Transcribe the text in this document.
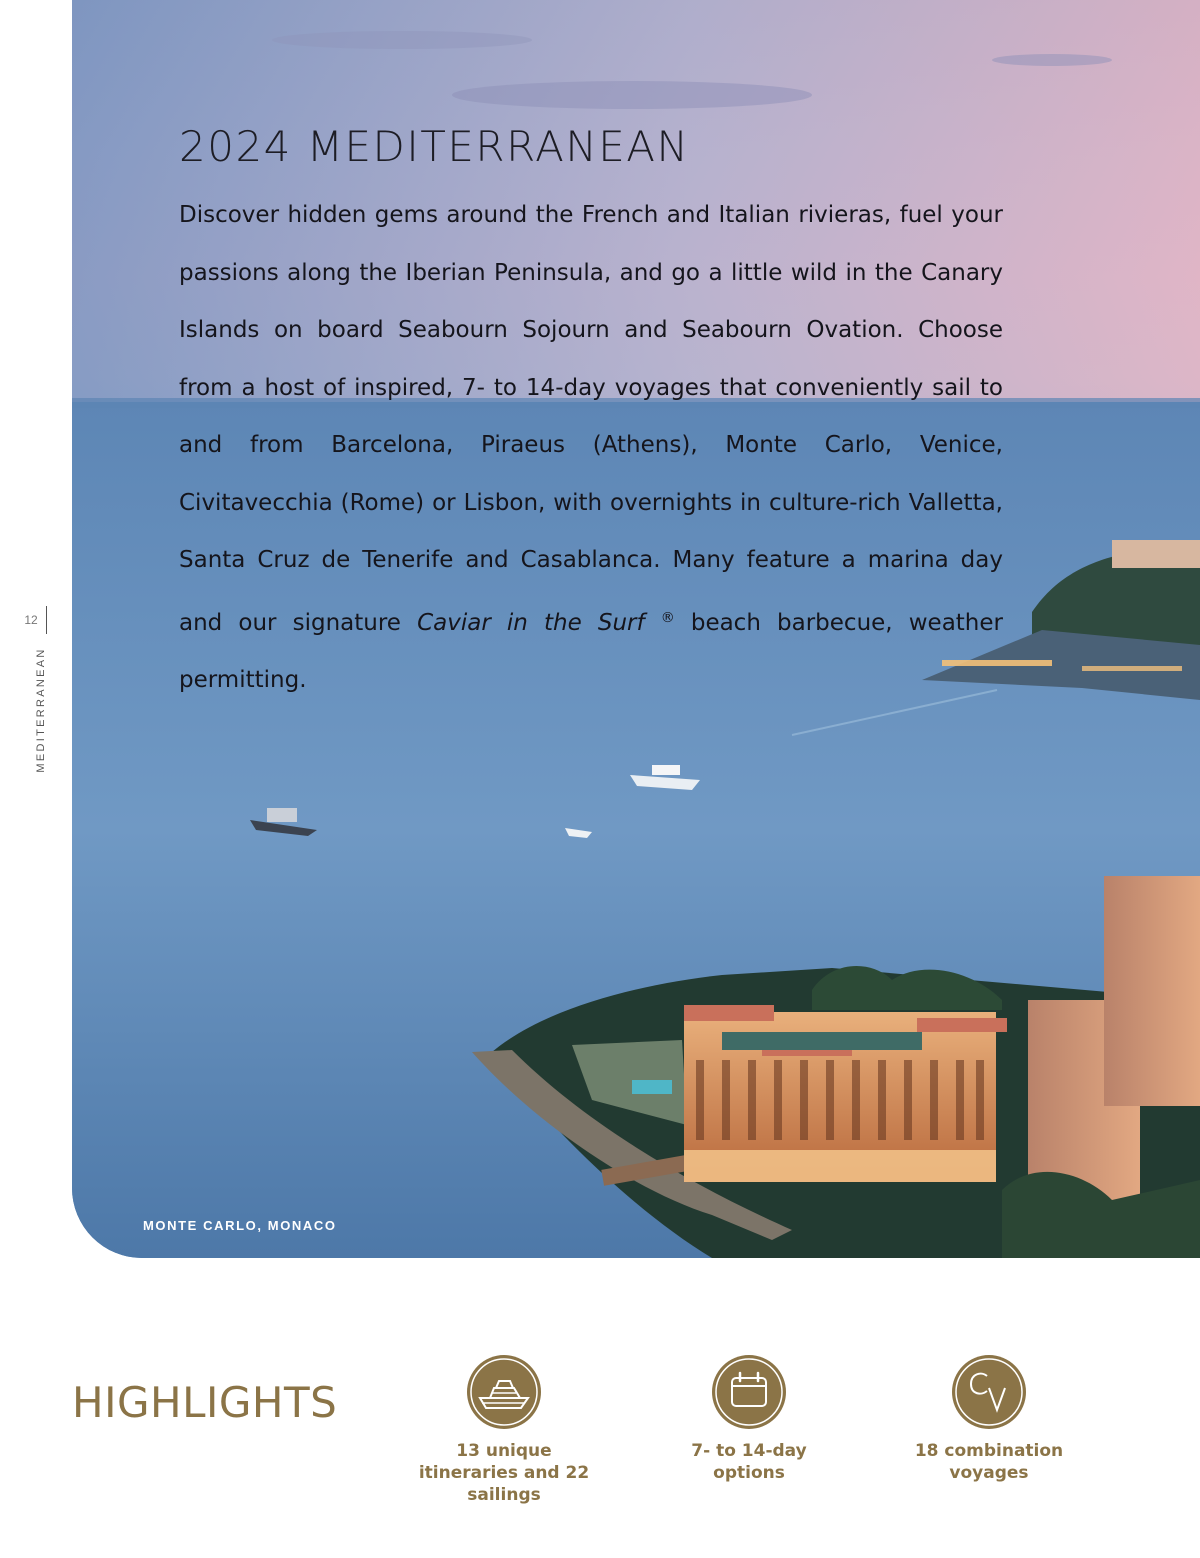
12
MEDITERRANEAN
2024 MEDITERRANEAN

Discover hidden gems around the French and Italian rivieras, fuel your passions along the Iberian Peninsula, and go a little wild in the Canary Islands on board Seabourn Sojourn and Seabourn Ovation. Choose from a host of inspired, 7- to 14-day voyages that conveniently sail to and from Barcelona, Piraeus (Athens), Monte Carlo, Venice, Civitavecchia (Rome) or Lisbon, with overnights in culture-rich Valletta, Santa Cruz de Tenerife and Casablanca. Many feature a marina day and our signature Caviar in the Surf ® beach barbecue, weather permitting.

MONTE CARLO, MONACO
HIGHLIGHTS
13 unique itineraries and 22 sailings
7- to 14-day options
18 combination voyages
